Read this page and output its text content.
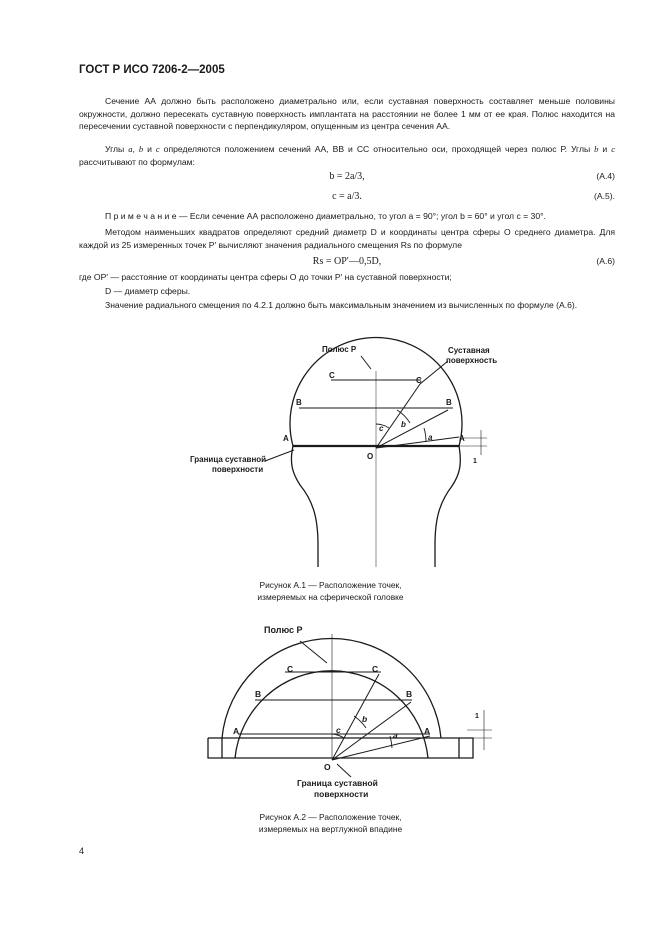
ГОСТ Р ИСО 7206-2—2005
Сечение АА должно быть расположено диаметрально или, если суставная поверхность составляет меньше половины окружности, должно пересекать суставную поверхность имплантата на расстоянии не более 1 мм от ее края. Полюс находится на пересечении суставной поверхности с перпендикуляром, опущенным из центра сечения АА.
Углы а, b и с определяются положением сечений АА, ВВ и СС относительно оси, проходящей через полюс Р. Углы b и с рассчитывают по формулам:
b = 2a/3,	(А.4)
c = a/3.	(А.5).
П р и м е ч а н и е — Если сечение АА расположено диаметрально, то угол a = 90°; угол b = 60° и угол c = 30°.
Методом наименьших квадратов определяют средний диаметр D и координаты центра сферы О среднего диаметра. Для каждой из 25 измеренных точек Р′ вычисляют значения радиального смещения Rs по формуле
Rs = OP′—0,5D,	(А.6)
где OP′ — расстояние от координаты центра сферы О до точки Р′ на суставной поверхности;
D — диаметр сферы.
Значение радиального смещения по 4.2.1 должно быть максимальным значением из вычисленных по формуле (А.6).
Полюс Р	Суставная
поверхность
Граница суставной
поверхности
A	A
B	B
C
C
O
c b
a
1
Рисунок А.1 — Расположение точек,
измеряемых на сферической головке
Полюс Р
Граница суставной
поверхности
A	A
B	B
C	C
O
c
b
a
1
Рисунок А.2 — Расположение точек,
измеряемых на вертлужной впадине
4
